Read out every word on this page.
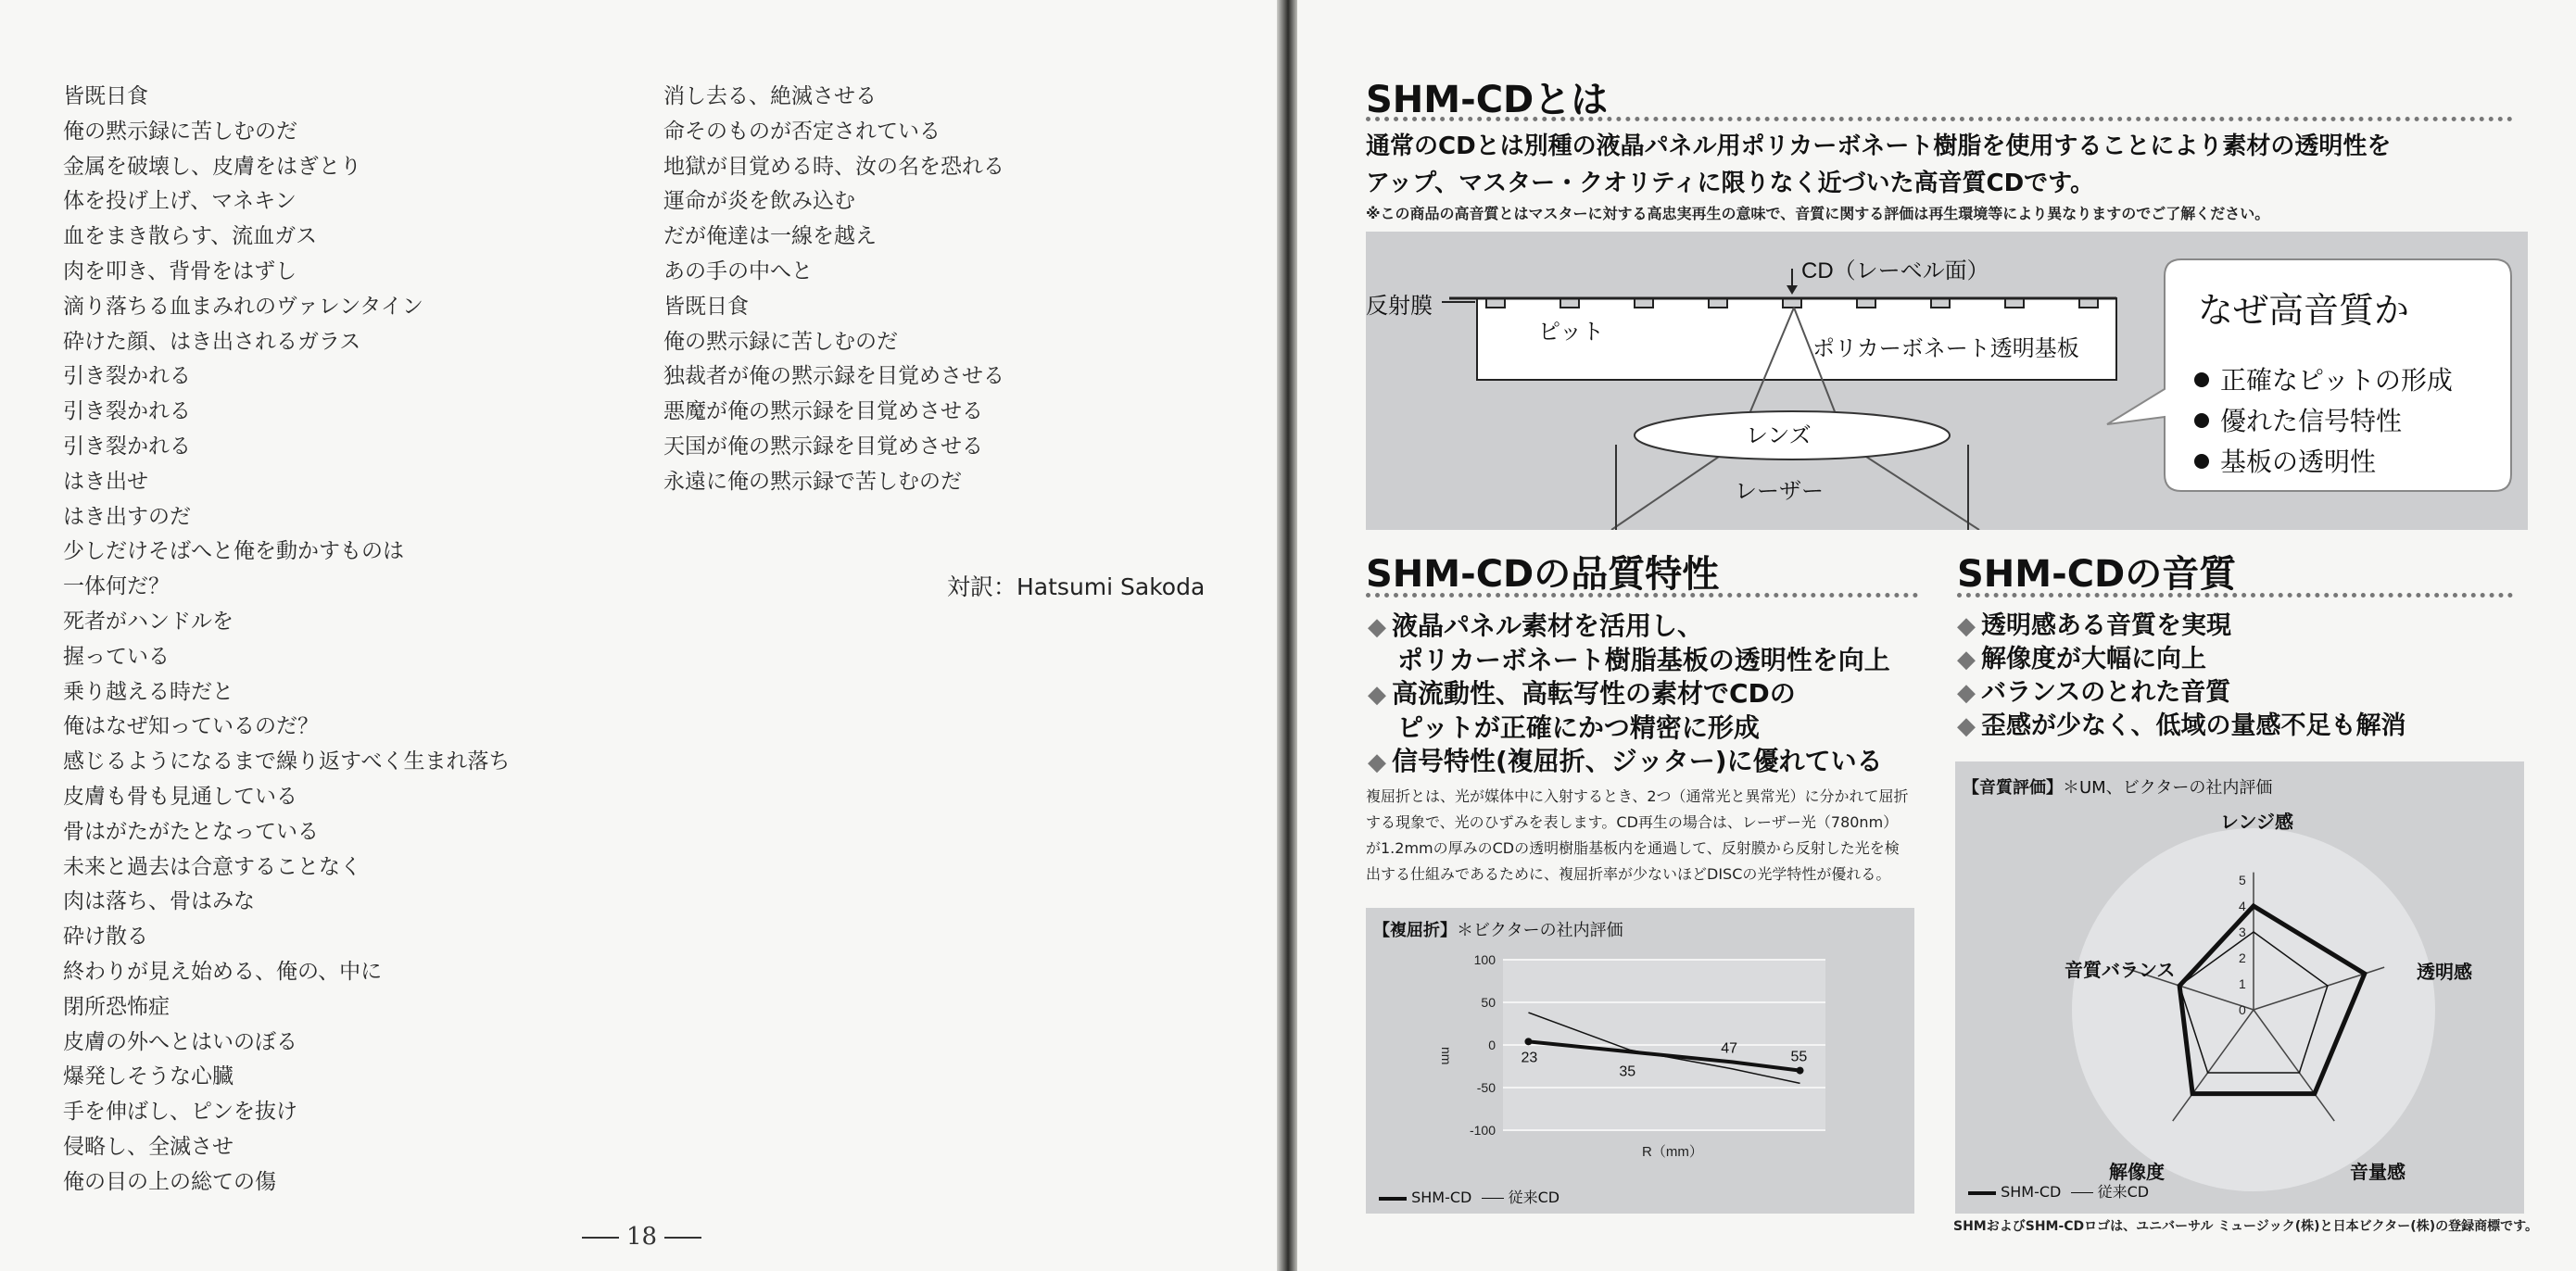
皆既日食
俺の黙示録に苦しむのだ
金属を破壊し、皮膚をはぎとり
体を投げ上げ、マネキン
血をまき散らす、流血ガス
肉を叩き、背骨をはずし
滴り落ちる血まみれのヴァレンタイン
砕けた顔、はき出されるガラス
引き裂かれる
引き裂かれる
引き裂かれる
はき出せ
はき出すのだ
少しだけそばへと俺を動かすものは
一体何だ？
死者がハンドルを
握っている
乗り越える時だと
俺はなぜ知っているのだ？
感じるようになるまで繰り返すべく生まれ落ち
皮膚も骨も見通している
骨はがたがたとなっている
未来と過去は合意することなく
肉は落ち、骨はみな
砕け散る
終わりが見え始める、俺の、中に
閉所恐怖症
皮膚の外へとはいのぼる
爆発しそうな心臓
手を伸ばし、ピンを抜け
侵略し、全滅させ
俺の目の上の総ての傷
消し去る、絶滅させる
命そのものが否定されている
地獄が目覚める時、汝の名を恐れる
運命が炎を飲み込む
だが俺達は一線を越え
あの手の中へと
皆既日食
俺の黙示録に苦しむのだ
独裁者が俺の黙示録を目覚めさせる
悪魔が俺の黙示録を目覚めさせる
天国が俺の黙示録を目覚めさせる
永遠に俺の黙示録で苦しむのだ
対訳：Hatsumi Sakoda
18
SHM-CDとは
通常のCDとは別種の液晶パネル用ポリカーボネート樹脂を使用することにより素材の透明性を
アップ、マスター・クオリティに限りなく近づいた高音質CDです。
※この商品の高音質とはマスターに対する高忠実再生の意味で、音質に関する評価は再生環境等により異なりますのでご了解ください。
CD（レーベル面）
反射膜
ピット
ポリカーボネート透明基板
レンズ
レーザー
なぜ高音質か
正確なピットの形成
優れた信号特性
基板の透明性
SHM-CDの品質特性	SHM-CDの音質
◆ 液晶パネル素材を活用し、
ポリカーボネート樹脂基板の透明性を向上
◆ 高流動性、高転写性の素材でCDの
ピットが正確にかつ精密に形成
◆ 信号特性(複屈折、ジッター)に優れている
◆ 透明感ある音質を実現
◆ 解像度が大幅に向上
◆ バランスのとれた音質
◆ 歪感が少なく、低域の量感不足も解消
複屈折とは、光が媒体中に入射するとき、2つ（通常光と異常光）に分かれて屈折する現象で、光のひずみを表します。CD再生の場合は、レーザー光（780nm）が1.2mmの厚みのCDの透明樹脂基板内を通過して、反射膜から反射した光を検出する仕組みであるために、複屈折率が少ないほどDISCの光学特性が優れる。
【複屈折】＊ビクターの社内評価
100
50
0
-50
-100
nm
R（mm）
23
35
47
55
SHM-CD 従来CD
【音質評価】＊UM、ビクターの社内評価
0
1
2
3
4
5
レンジ感
透明感
音量感
解像度
音質バランス
SHM-CD 従来CD
SHMおよびSHM-CDロゴは、ユニバーサル ミュージック(株)と日本ビクター(株)の登録商標です。
